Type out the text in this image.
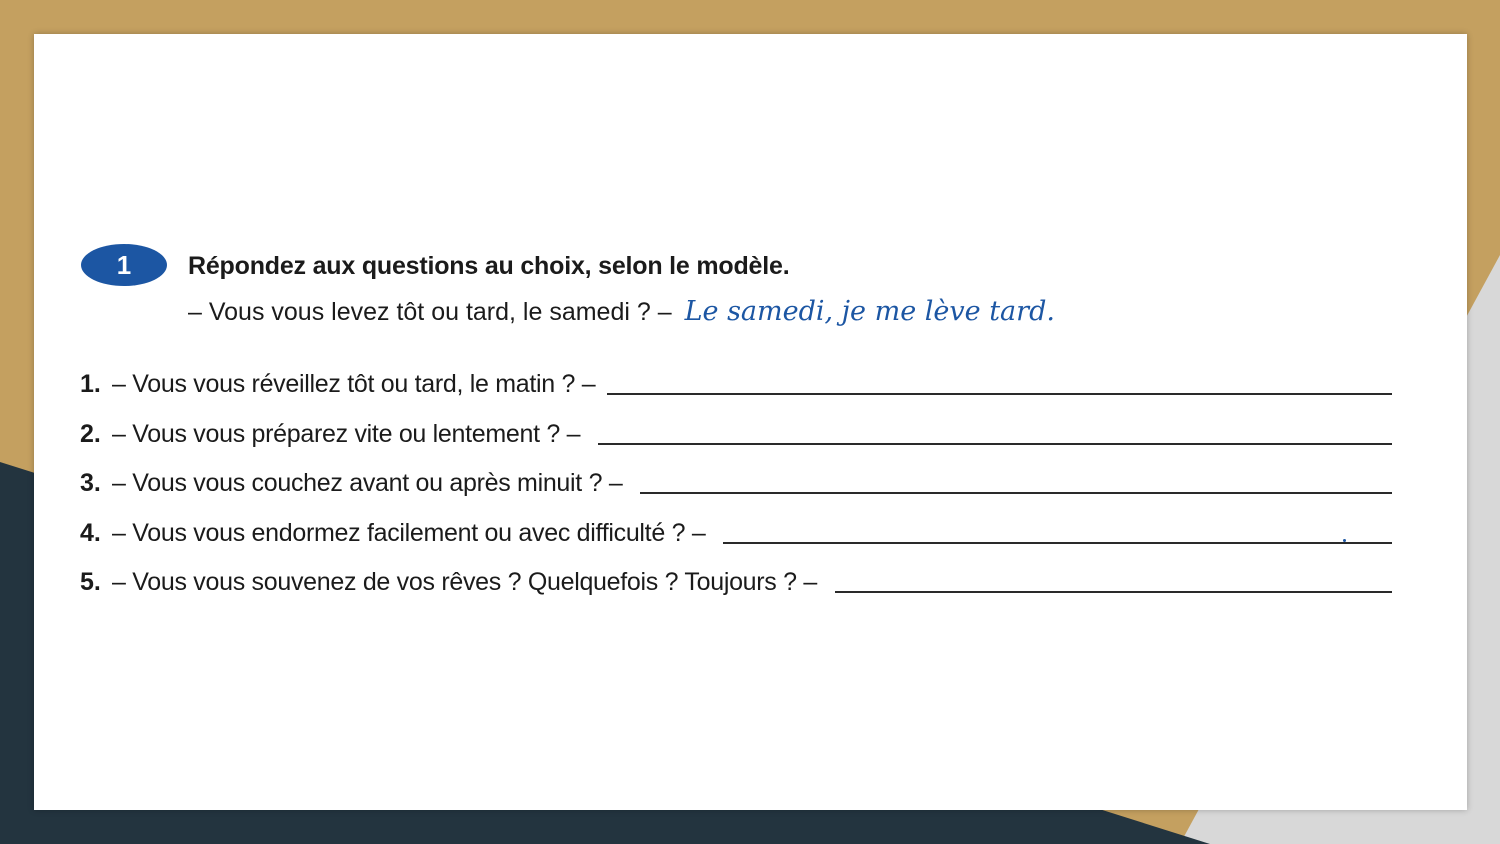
1	Répondez aux questions au choix, selon le modèle.
– Vous vous levez tôt ou tard, le samedi ? – Le samedi, je me lève tard.
1. – Vous vous réveillez tôt ou tard, le matin ? –
2. – Vous vous préparez vite ou lentement ? –
3. – Vous vous couchez avant ou après minuit ? –
4. – Vous vous endormez facilement ou avec difficulté ? –
5. – Vous vous souvenez de vos rêves ? Quelquefois ? Toujours ? –
